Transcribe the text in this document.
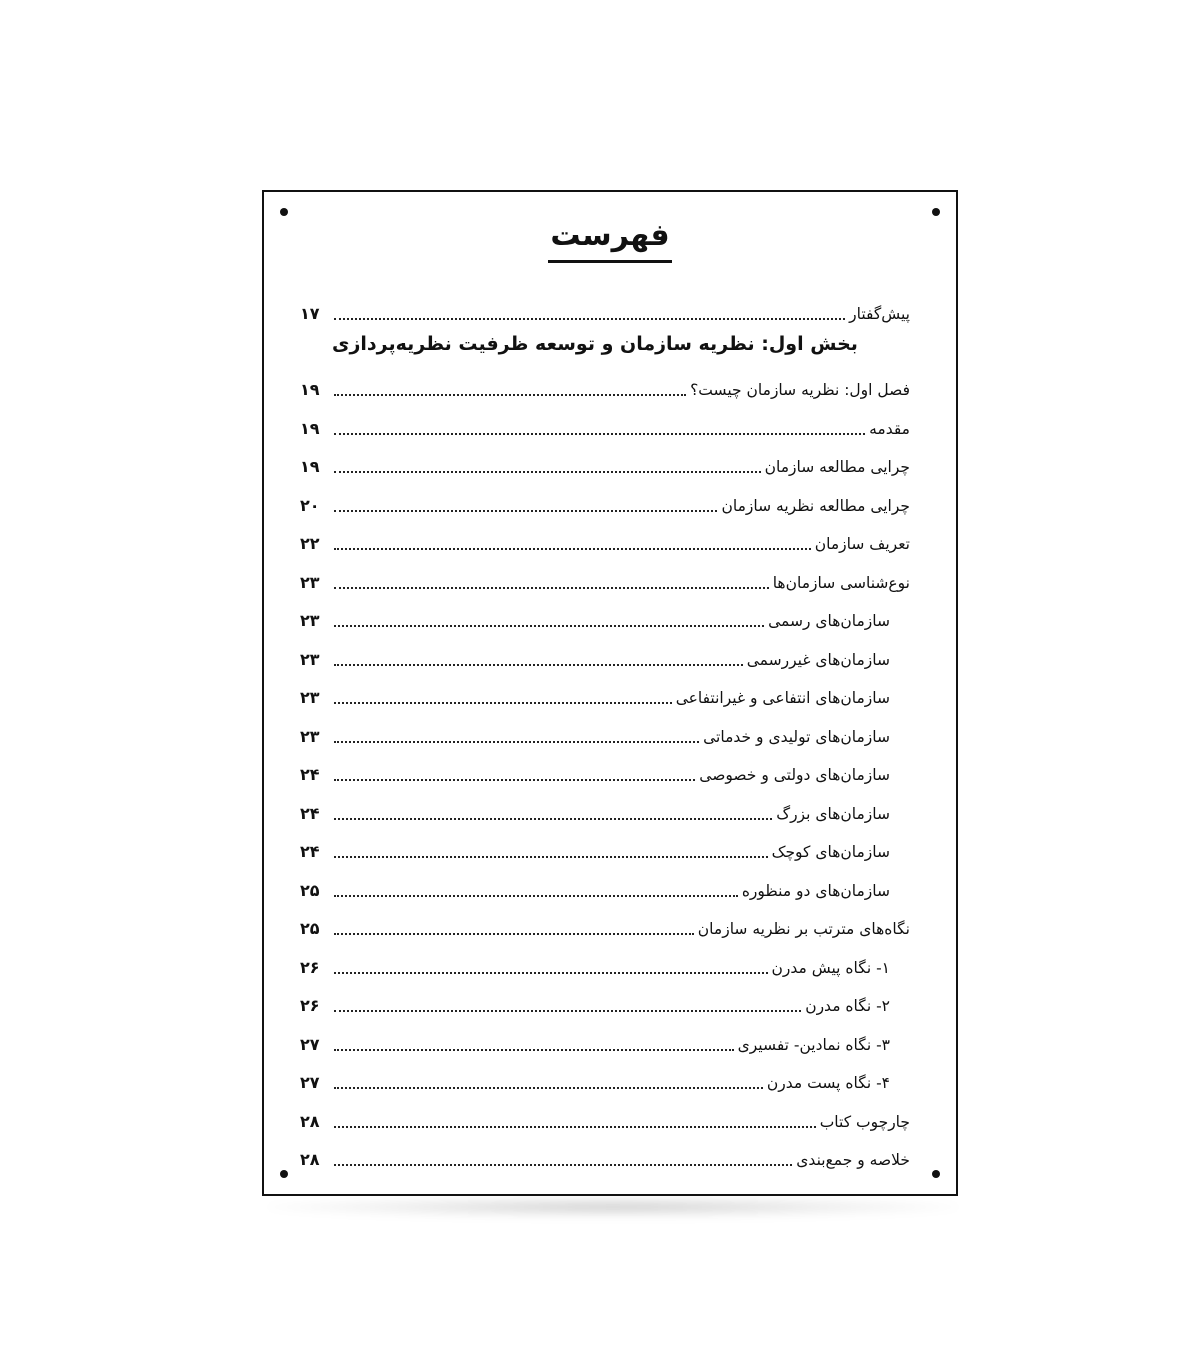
فهرست
پیش‌گفتار
۱۷
بخش اول: نظریه سازمان و توسعه ظرفیت نظریه‌پردازی
فصل اول: نظریه سازمان چیست؟
۱۹
مقدمه
۱۹
چرایی مطالعه سازمان
۱۹
چرایی مطالعه نظریه سازمان
۲۰
تعریف سازمان
۲۲
نوع‌شناسی سازمان‌ها
۲۳
سازمان‌های رسمی
۲۳
سازمان‌های غیررسمی
۲۳
سازمان‌های انتفاعی و غیرانتفاعی
۲۳
سازمان‌های تولیدی و خدماتی
۲۳
سازمان‌های دولتی و خصوصی
۲۴
سازمان‌های بزرگ
۲۴
سازمان‌های کوچک
۲۴
سازمان‌های دو منظوره
۲۵
نگاه‌های مترتب بر نظریه سازمان
۲۵
۱- نگاه پیش مدرن
۲۶
۲- نگاه مدرن
۲۶
۳- نگاه نمادین- تفسیری
۲۷
۴- نگاه پست مدرن
۲۷
چارچوب کتاب
۲۸
خلاصه و جمع‌بندی
۲۸
